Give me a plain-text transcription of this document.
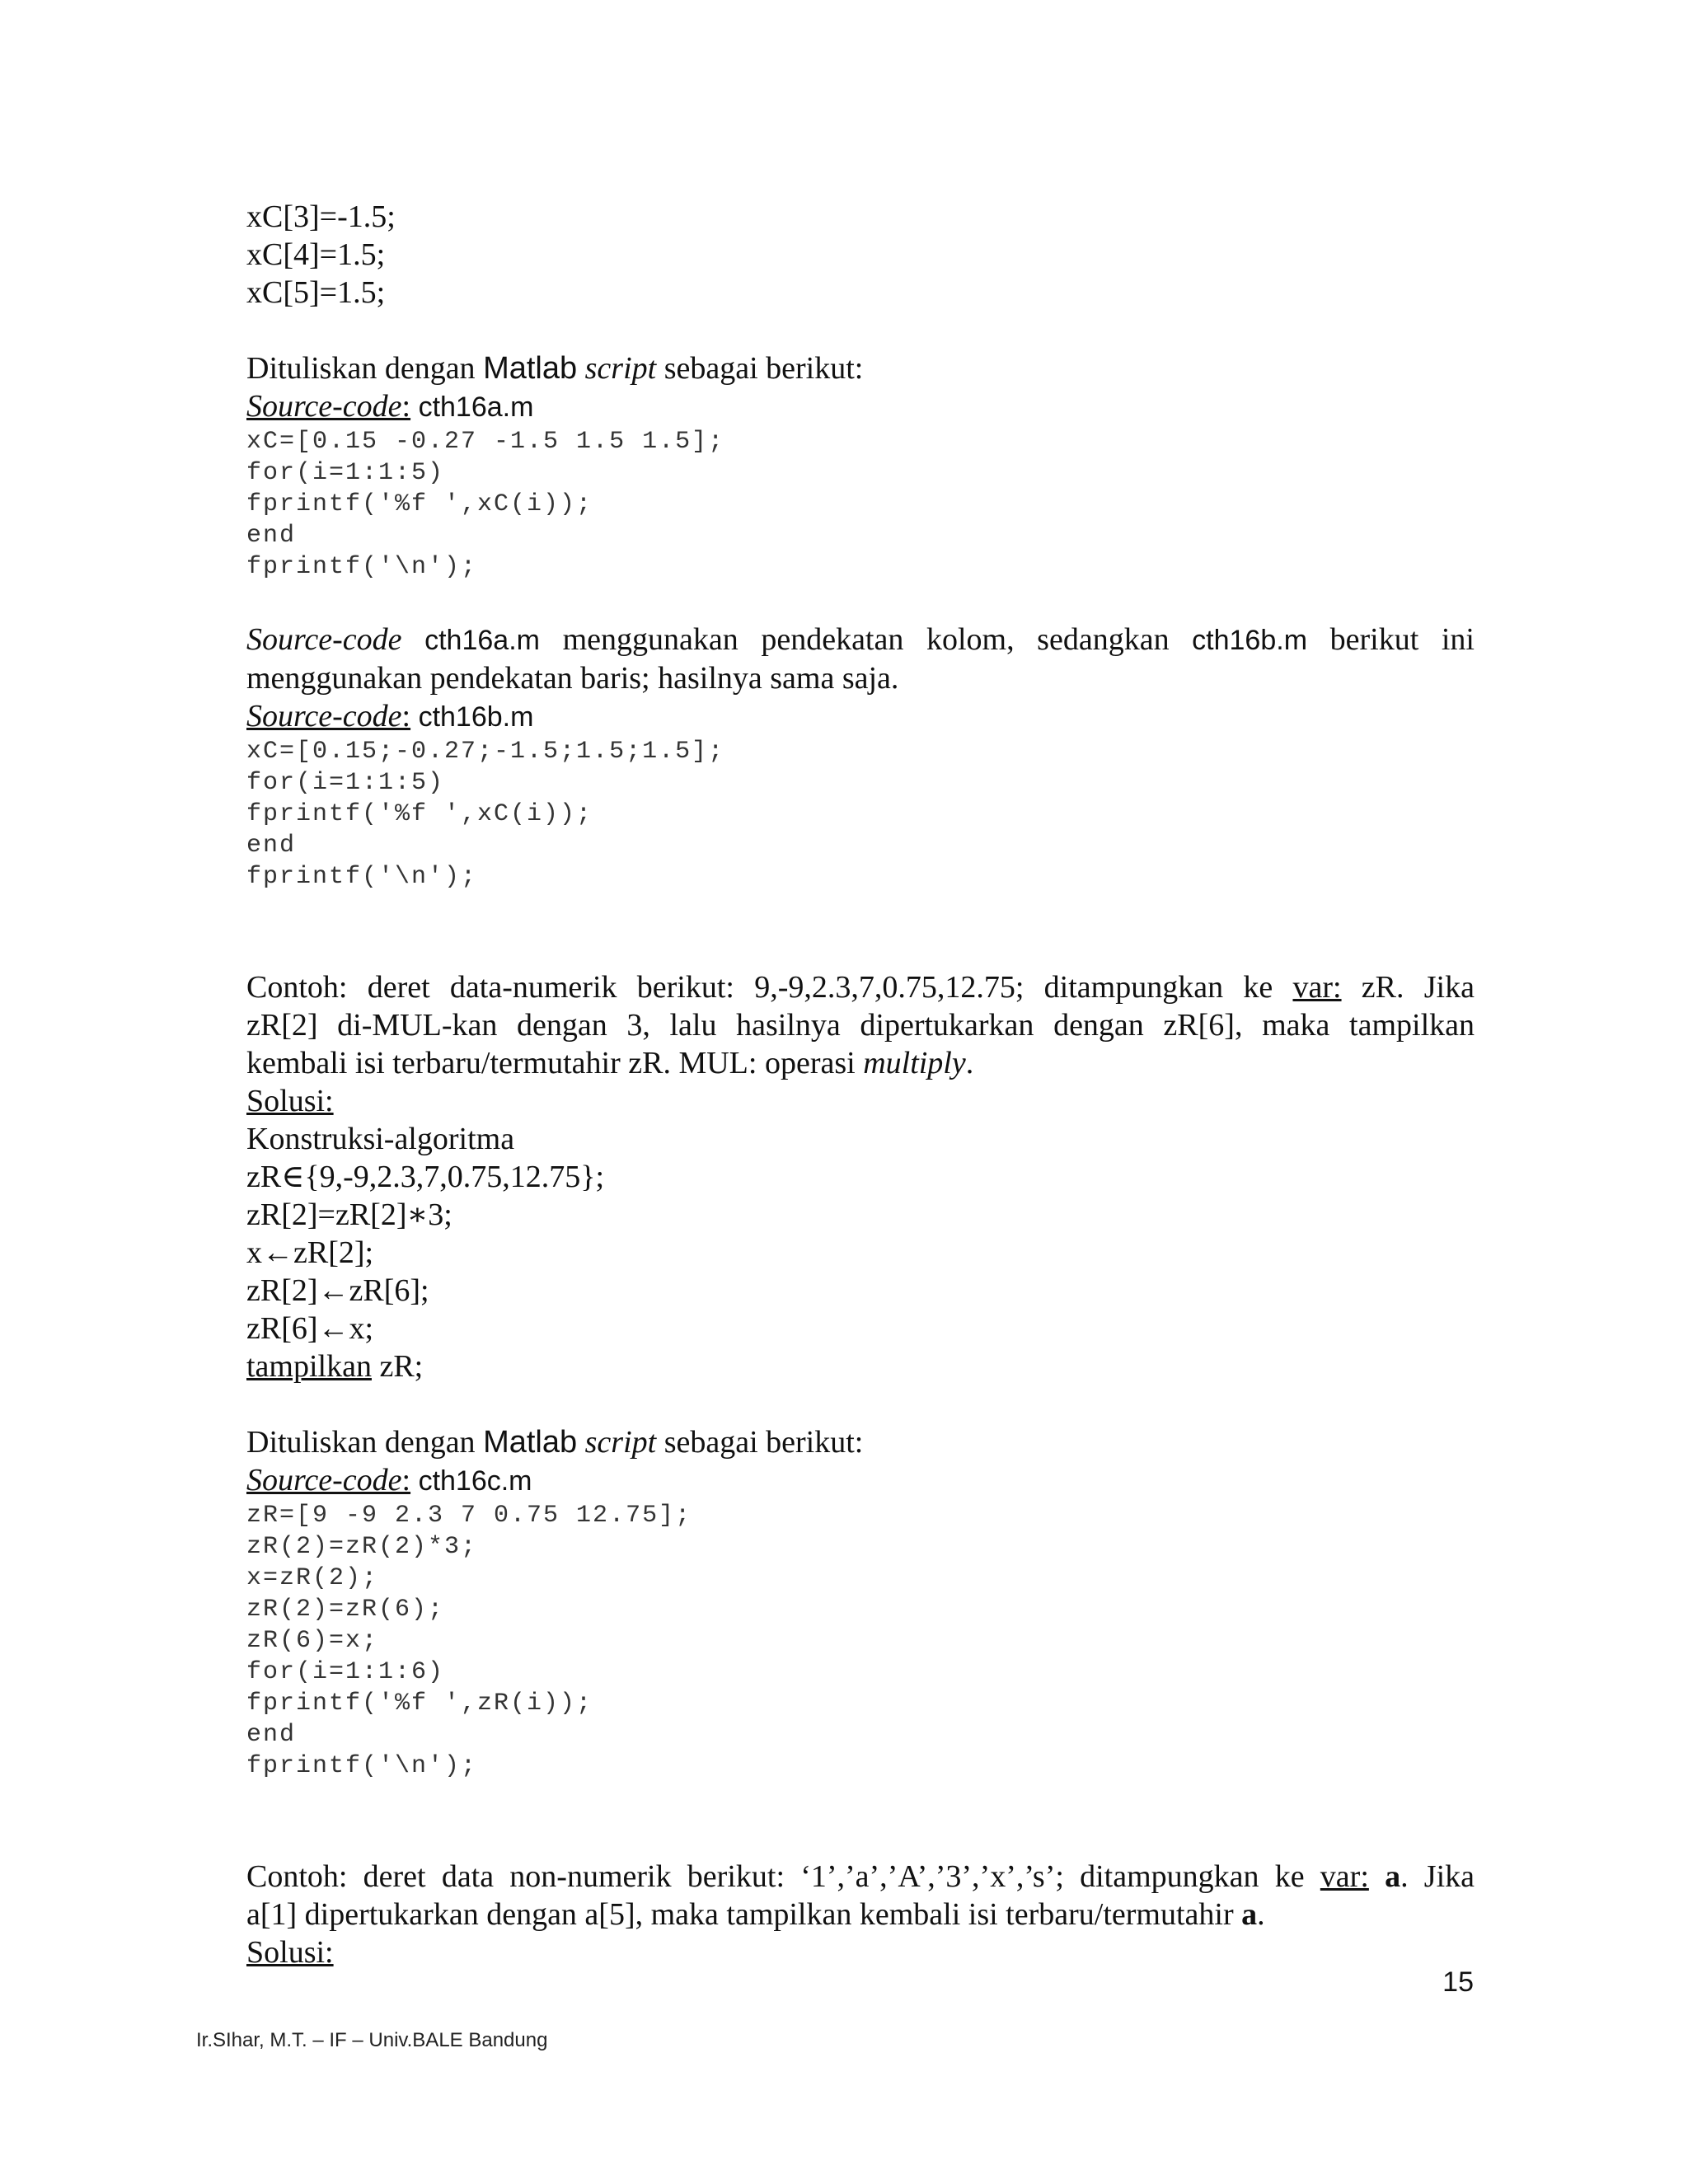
xC[3]=-1.5;
xC[4]=1.5;
xC[5]=1.5;
Dituliskan dengan Matlab script sebagai berikut:
Source-code: cth16a.m
xC=[0.15 -0.27 -1.5 1.5 1.5];
for(i=1:1:5)
fprintf('%f ',xC(i));
end
fprintf('\n');
Source-code cth16a.m menggunakan pendekatan kolom, sedangkan cth16b.m berikut ini
menggunakan pendekatan baris; hasilnya sama saja.
Source-code: cth16b.m
xC=[0.15;-0.27;-1.5;1.5;1.5];
for(i=1:1:5)
fprintf('%f ',xC(i));
end
fprintf('\n');
Contoh: deret data-numerik berikut: 9,-9,2.3,7,0.75,12.75; ditampungkan ke var: zR. Jika
zR[2] di-MUL-kan dengan 3, lalu hasilnya dipertukarkan dengan zR[6], maka tampilkan
kembali isi terbaru/termutahir zR. MUL: operasi multiply.
Solusi:
Konstruksi-algoritma
zR∈{9,-9,2.3,7,0.75,12.75};
zR[2]=zR[2]∗3;
x←zR[2];
zR[2]←zR[6];
zR[6]←x;
tampilkan zR;
Dituliskan dengan Matlab script sebagai berikut:
Source-code: cth16c.m
zR=[9 -9 2.3 7 0.75 12.75];
zR(2)=zR(2)*3;
x=zR(2);
zR(2)=zR(6);
zR(6)=x;
for(i=1:1:6)
fprintf('%f ',zR(i));
end
fprintf('\n');
Contoh: deret data non-numerik berikut: ‘1’,’a’,’A’,’3’,’x’,’s’; ditampungkan ke var: a. Jika
a[1] dipertukarkan dengan a[5], maka tampilkan kembali isi terbaru/termutahir a.
Solusi:
15
Ir.SIhar, M.T. – IF – Univ.BALE Bandung
